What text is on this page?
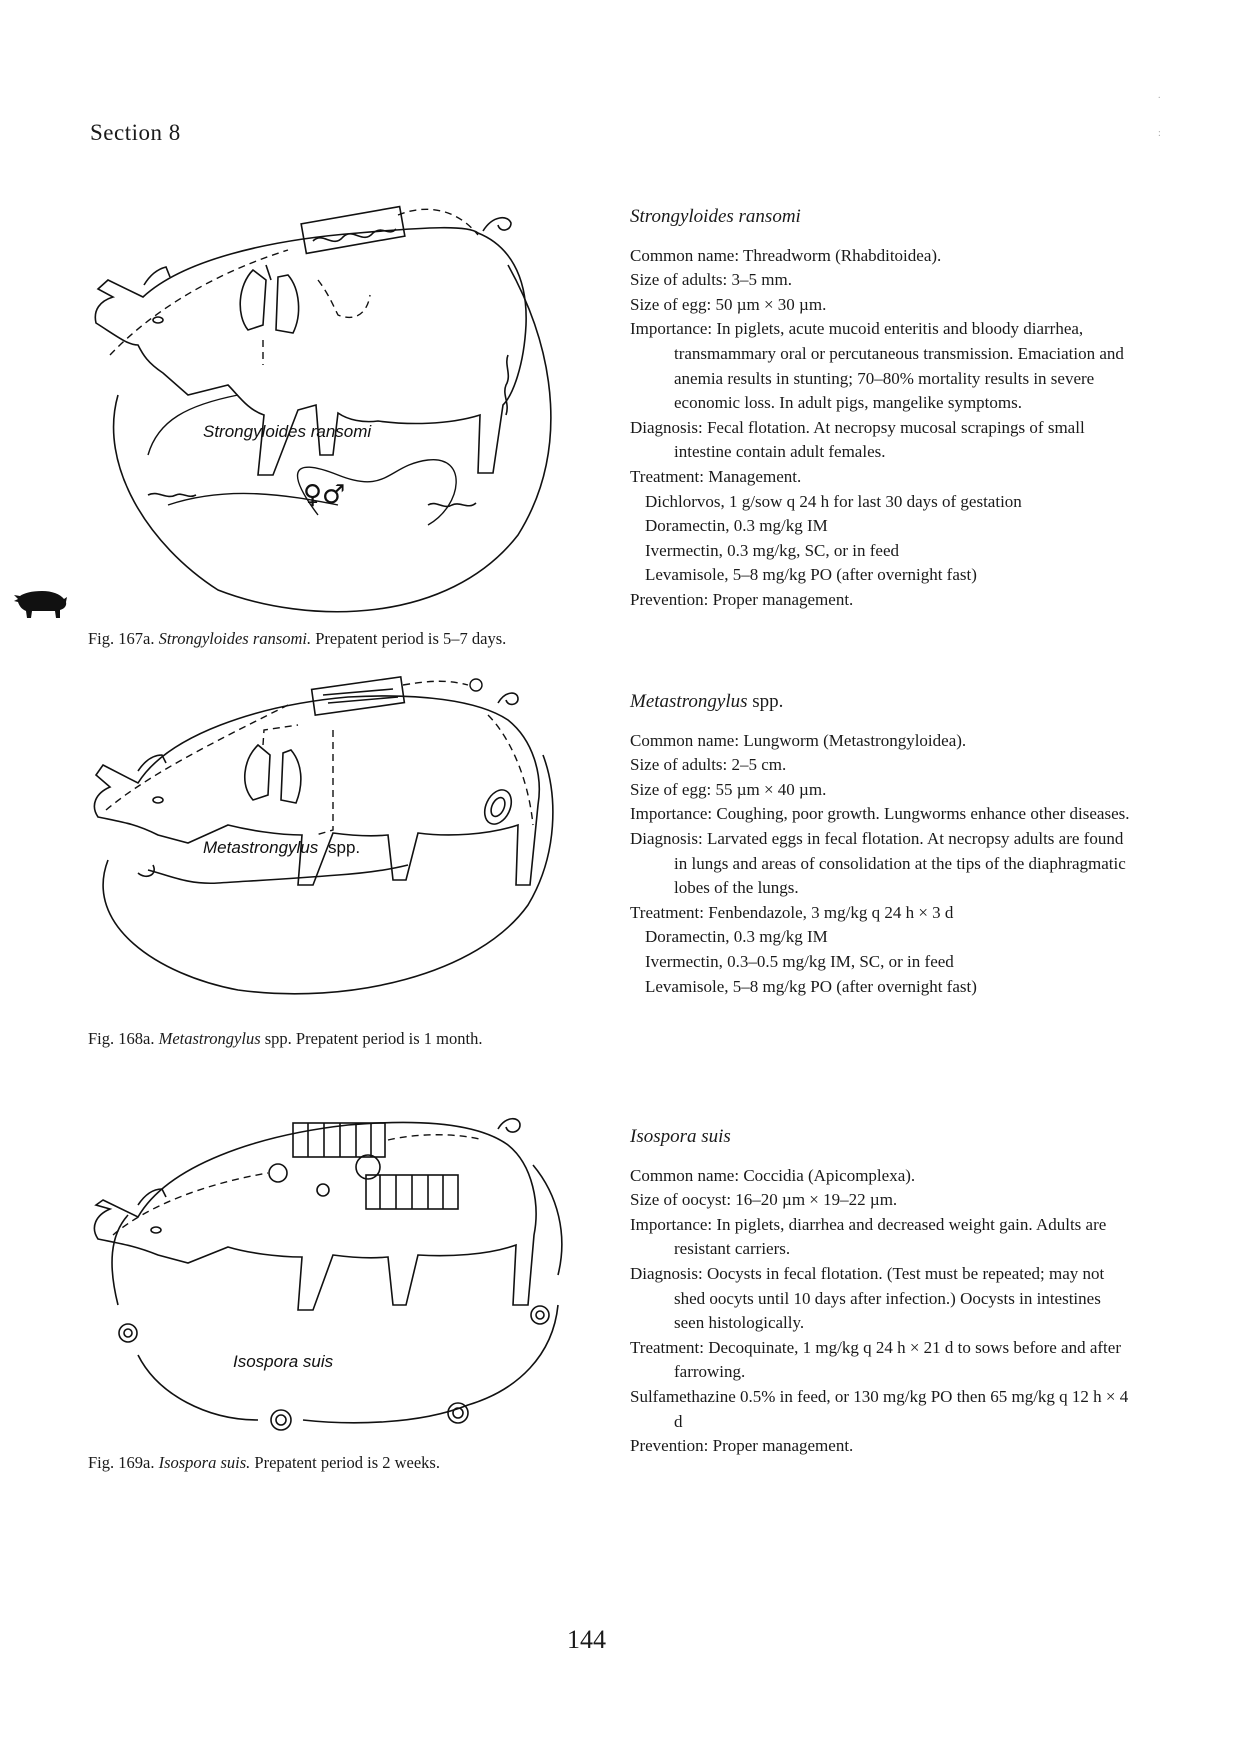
Section 8
.
:
Strongyloides ransomi
♀♂
Fig. 167a. Strongyloides ransomi. Prepatent period is 5–7 days.
Metastrongylus spp.
Fig. 168a. Metastrongylus spp. Prepatent period is 1 month.
Isospora suis
Fig. 169a. Isospora suis. Prepatent period is 2 weeks.
Strongyloides ransomi

Common name: Threadworm (Rhabditoidea).

Size of adults: 3–5 mm.

Size of egg: 50 µm × 30 µm.

Importance: In piglets, acute mucoid enteritis and bloody diarrhea, transmammary oral or percutaneous transmission. Emaciation and anemia results in stunting; 70–80% mortality results in severe economic loss. In adult pigs, mangelike symptoms.

Diagnosis: Fecal flotation. At necropsy mucosal scrapings of small intestine contain adult females.

Treatment: Management.

Dichlorvos, 1 g/sow q 24 h for last 30 days of gestation

Doramectin, 0.3 mg/kg IM

Ivermectin, 0.3 mg/kg, SC, or in feed

Levamisole, 5–8 mg/kg PO (after overnight fast)

Prevention: Proper management.

Metastrongylus spp.

Common name: Lungworm (Metastrongyloidea).

Size of adults: 2–5 cm.

Size of egg: 55 µm × 40 µm.

Importance: Coughing, poor growth. Lungworms enhance other diseases.

Diagnosis: Larvated eggs in fecal flotation. At necropsy adults are found in lungs and areas of consolidation at the tips of the diaphragmatic lobes of the lungs.

Treatment: Fenbendazole, 3 mg/kg q 24 h × 3 d

Doramectin, 0.3 mg/kg IM

Ivermectin, 0.3–0.5 mg/kg IM, SC, or in feed

Levamisole, 5–8 mg/kg PO (after overnight fast)

Isospora suis

Common name: Coccidia (Apicomplexa).

Size of oocyst: 16–20 µm × 19–22 µm.

Importance: In piglets, diarrhea and decreased weight gain. Adults are resistant carriers.

Diagnosis: Oocysts in fecal flotation. (Test must be repeated; may not shed oocyts until 10 days after infection.) Oocysts in intestines seen histologically.

Treatment: Decoquinate, 1 mg/kg q 24 h × 21 d to sows before and after farrowing.

Sulfamethazine 0.5% in feed, or 130 mg/kg PO then 65 mg/kg q 12 h × 4 d

Prevention: Proper management.

144
